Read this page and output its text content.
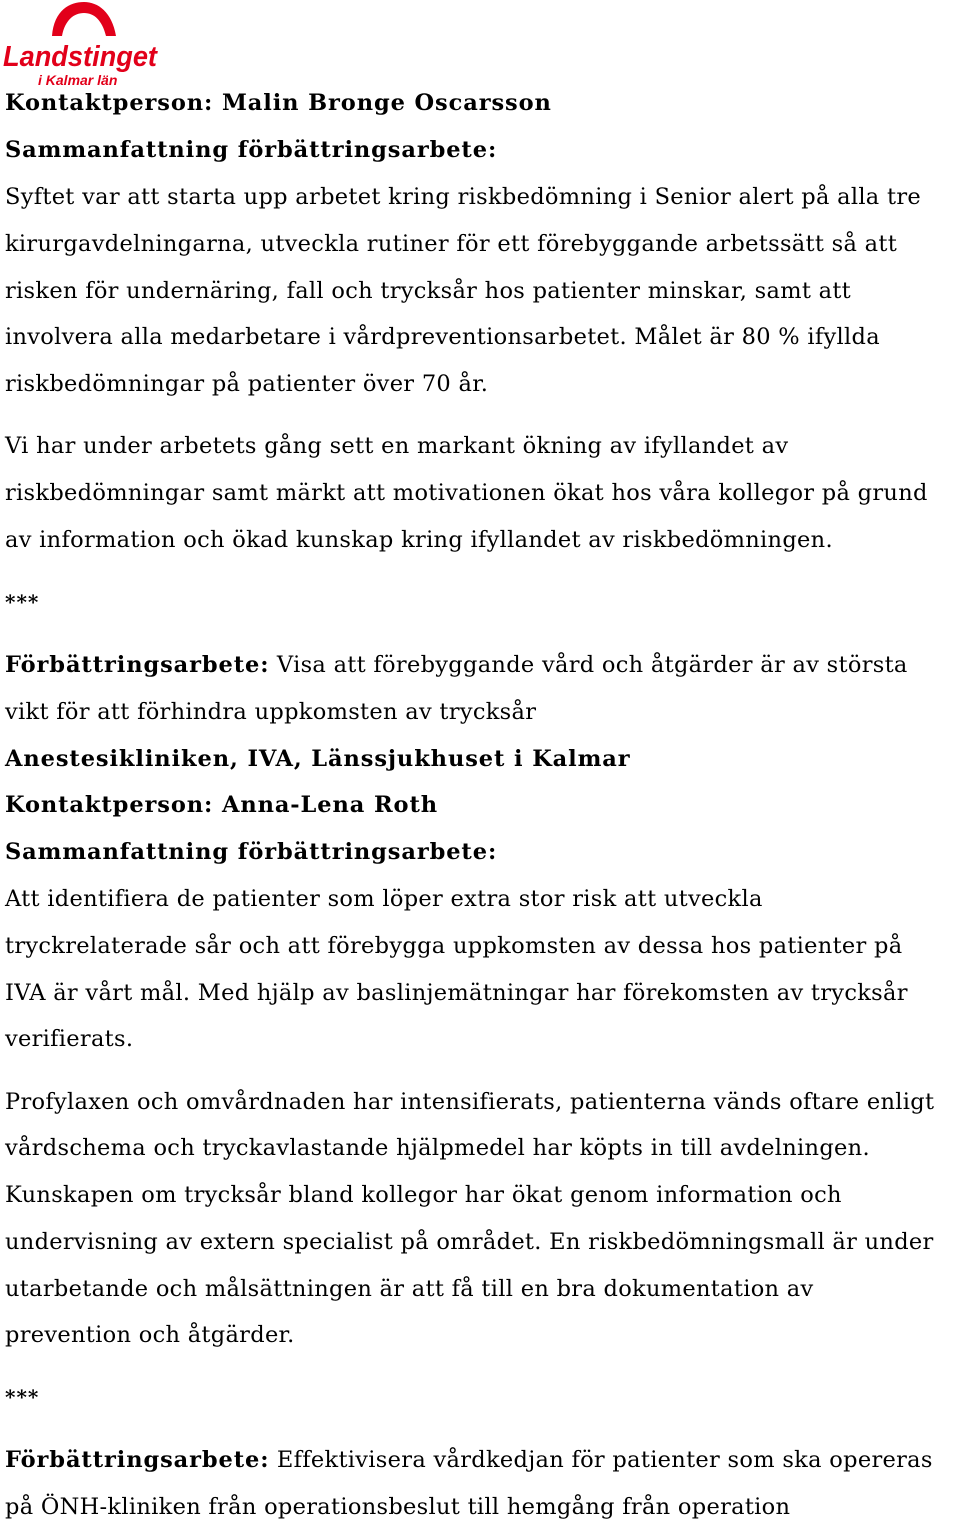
Landstinget
i Kalmar län

Kontaktperson: Malin Bronge Oscarsson

Sammanfattning förbättringsarbete:

Syftet var att starta upp arbetet kring riskbedömning i Senior alert på alla tre

kirurgavdelningarna, utveckla rutiner för ett förebyggande arbetssätt så att

risken för undernäring, fall och trycksår hos patienter minskar, samt att

involvera alla medarbetare i vårdpreventionsarbetet. Målet är 80 % ifyllda

riskbedömningar på patienter över 70 år.

Vi har under arbetets gång sett en markant ökning av ifyllandet av

riskbedömningar samt märkt att motivationen ökat hos våra kollegor på grund

av information och ökad kunskap kring ifyllandet av riskbedömningen.

***

Förbättringsarbete: Visa att förebyggande vård och åtgärder är av största

vikt för att förhindra uppkomsten av trycksår

Anestesikliniken, IVA, Länssjukhuset i Kalmar

Kontaktperson: Anna-Lena Roth

Sammanfattning förbättringsarbete:

Att identifiera de patienter som löper extra stor risk att utveckla

tryckrelaterade sår och att förebygga uppkomsten av dessa hos patienter på

IVA är vårt mål. Med hjälp av baslinjemätningar har förekomsten av trycksår

verifierats.

Profylaxen och omvårdnaden har intensifierats, patienterna vänds oftare enligt

vårdschema och tryckavlastande hjälpmedel har köpts in till avdelningen.

Kunskapen om trycksår bland kollegor har ökat genom information och

undervisning av extern specialist på området. En riskbedömningsmall är under

utarbetande och målsättningen är att få till en bra dokumentation av

prevention och åtgärder.

***

Förbättringsarbete: Effektivisera vårdkedjan för patienter som ska opereras

på ÖNH-kliniken från operationsbeslut till hemgång från operation
